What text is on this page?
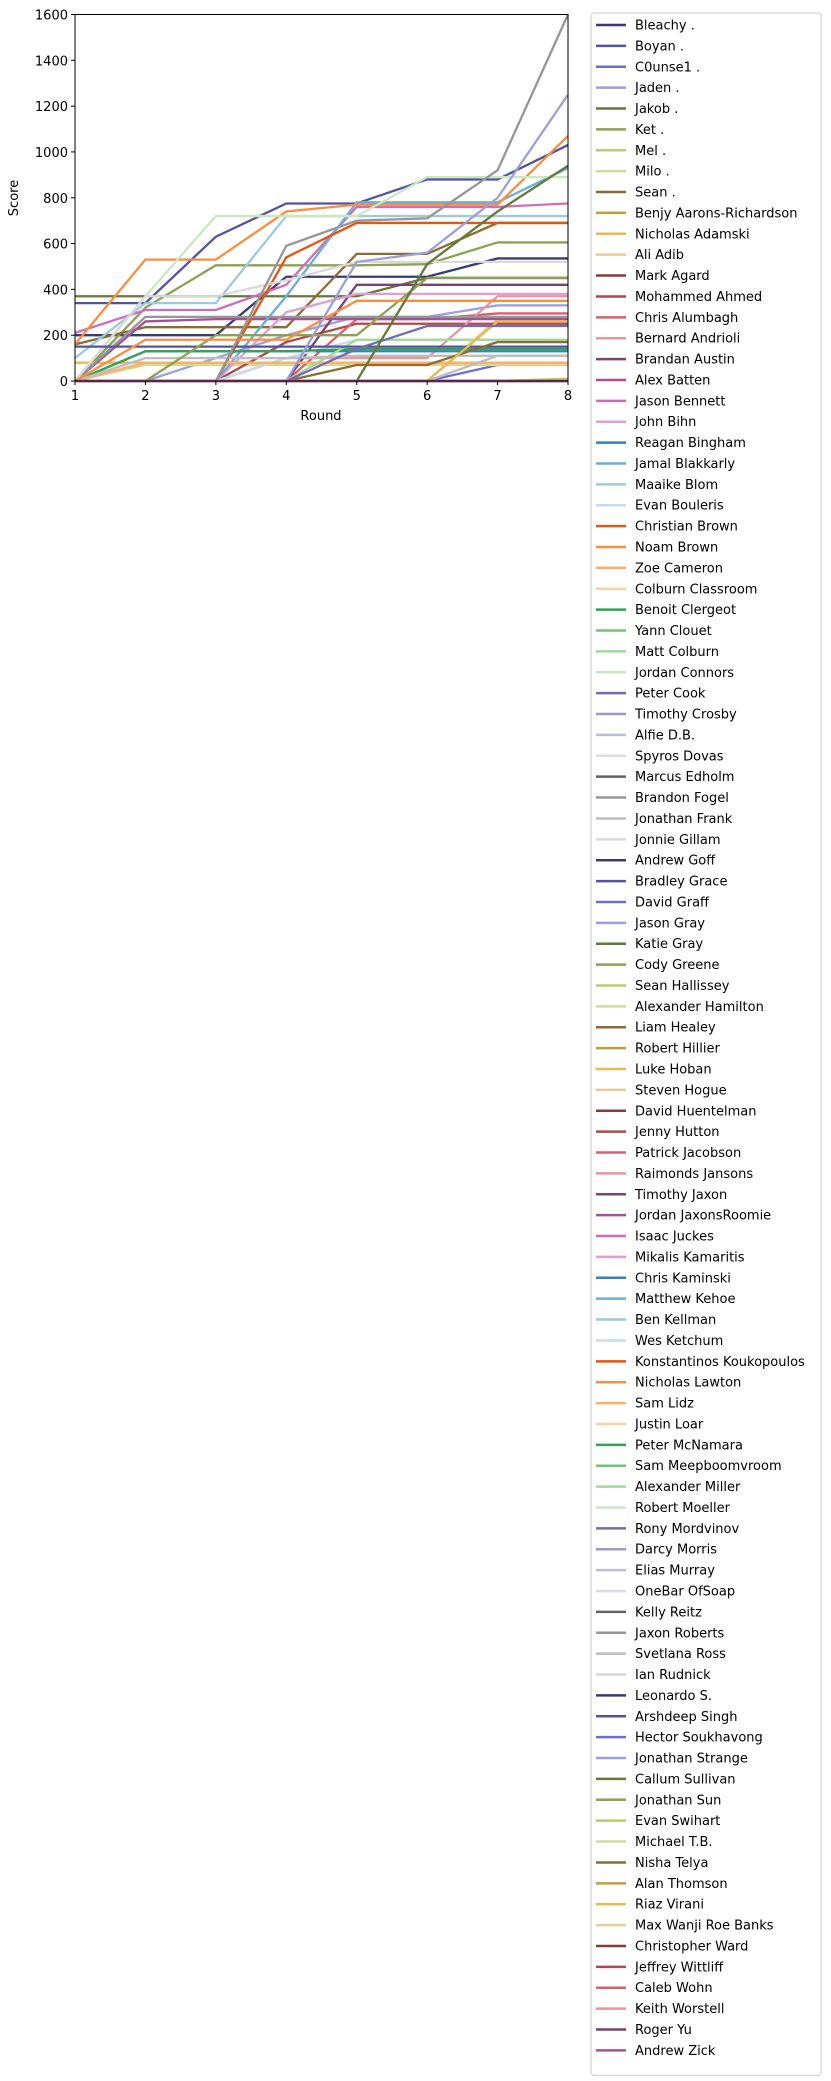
1	2	3	4	5	6	7	8
0
200
400
600
800
1000
1200
1400
1600
Score
Round
Bleachy .
Boyan .
C0unse1 .
Jaden .
Jakob .
Ket .
Mel .
Milo .
Sean .
Benjy Aarons-Richardson
Nicholas Adamski
Ali Adib
Mark Agard
Mohammed Ahmed
Chris Alumbagh
Bernard Andrioli
Brandan Austin
Alex Batten
Jason Bennett
John Bihn
Reagan Bingham
Jamal Blakkarly
Maaike Blom
Evan Bouleris
Christian Brown
Noam Brown
Zoe Cameron
Colburn Classroom
Benoit Clergeot
Yann Clouet
Matt Colburn
Jordan Connors
Peter Cook
Timothy Crosby
Alfie D.B.
Spyros Dovas
Marcus Edholm
Brandon Fogel
Jonathan Frank
Jonnie Gillam
Andrew Goff
Bradley Grace
David Graff
Jason Gray
Katie Gray
Cody Greene
Sean Hallissey
Alexander Hamilton
Liam Healey
Robert Hillier
Luke Hoban
Steven Hogue
David Huentelman
Jenny Hutton
Patrick Jacobson
Raimonds Jansons
Timothy Jaxon
Jordan JaxonsRoomie
Isaac Juckes
Mikalis Kamaritis
Chris Kaminski
Matthew Kehoe
Ben Kellman
Wes Ketchum
Konstantinos Koukopoulos
Nicholas Lawton
Sam Lidz
Justin Loar
Peter McNamara
Sam Meepboomvroom
Alexander Miller
Robert Moeller
Rony Mordvinov
Darcy Morris
Elias Murray
OneBar OfSoap
Kelly Reitz
Jaxon Roberts
Svetlana Ross
Ian Rudnick
Leonardo S.
Arshdeep Singh
Hector Soukhavong
Jonathan Strange
Callum Sullivan
Jonathan Sun
Evan Swihart
Michael T.B.
Nisha Telya
Alan Thomson
Riaz Virani
Max Wanji Roe Banks
Christopher Ward
Jeffrey Wittliff
Caleb Wohn
Keith Worstell
Roger Yu
Andrew Zick
